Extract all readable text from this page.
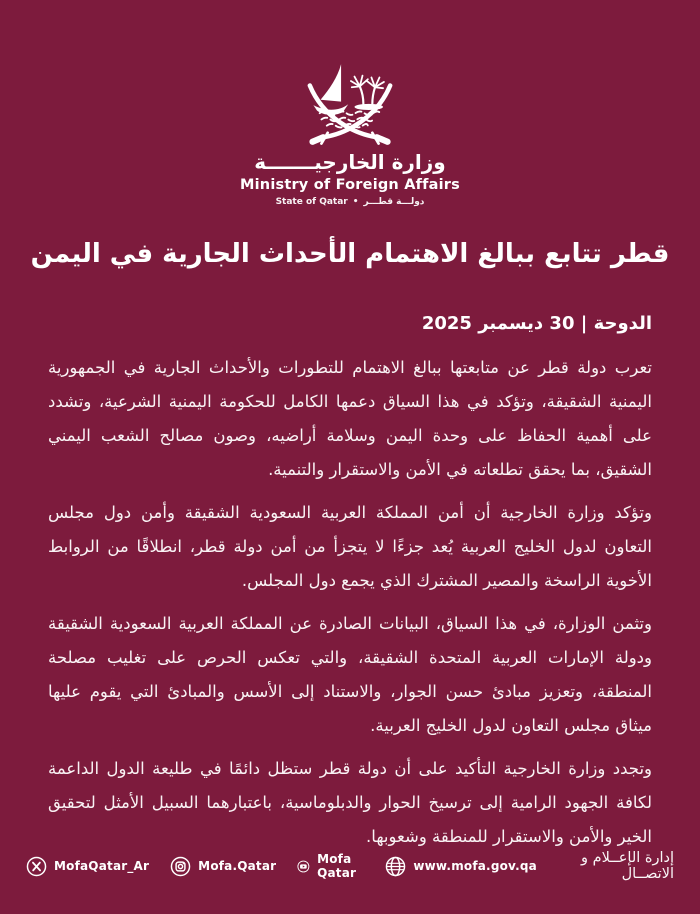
وزارة الخارجيـــــــة
Ministry of Foreign Affairs
State of Qatar • دولـــة قطـــر
قطر تتابع ببالغ الاهتمام الأحداث الجارية في اليمن
الدوحة | 30 ديسمبر 2025

تعرب دولة قطر عن متابعتها ببالغ الاهتمام للتطورات والأحداث الجارية في الجمهورية اليمنية الشقيقة، وتؤكد في هذا السياق دعمها الكامل للحكومة اليمنية الشرعية، وتشدد على أهمية الحفاظ على وحدة اليمن وسلامة أراضيه، وصون مصالح الشعب اليمني الشقيق، بما يحقق تطلعاته في الأمن والاستقرار والتنمية.

وتؤكد وزارة الخارجية أن أمن المملكة العربية السعودية الشقيقة وأمن دول مجلس التعاون لدول الخليج العربية يُعد جزءًا لا يتجزأ من أمن دولة قطر، انطلاقًا من الروابط الأخوية الراسخة والمصير المشترك الذي يجمع دول المجلس.

وتثمن الوزارة، في هذا السياق، البيانات الصادرة عن المملكة العربية السعودية الشقيقة ودولة الإمارات العربية المتحدة الشقيقة، والتي تعكس الحرص على تغليب مصلحة المنطقة، وتعزيز مبادئ حسن الجوار، والاستناد إلى الأسس والمبادئ التي يقوم عليها ميثاق مجلس التعاون لدول الخليج العربية.

وتجدد وزارة الخارجية التأكيد على أن دولة قطر ستظل دائمًا في طليعة الدول الداعمة لكافة الجهود الرامية إلى ترسيخ الحوار والدبلوماسية، باعتبارهما السبيل الأمثل لتحقيق الخير والأمن والاستقرار للمنطقة وشعوبها.

MofaQatar_Ar	Mofa.Qatar	Mofa Qatar	www.mofa.gov.qa	إدارة الإعــلام و الاتصــال
